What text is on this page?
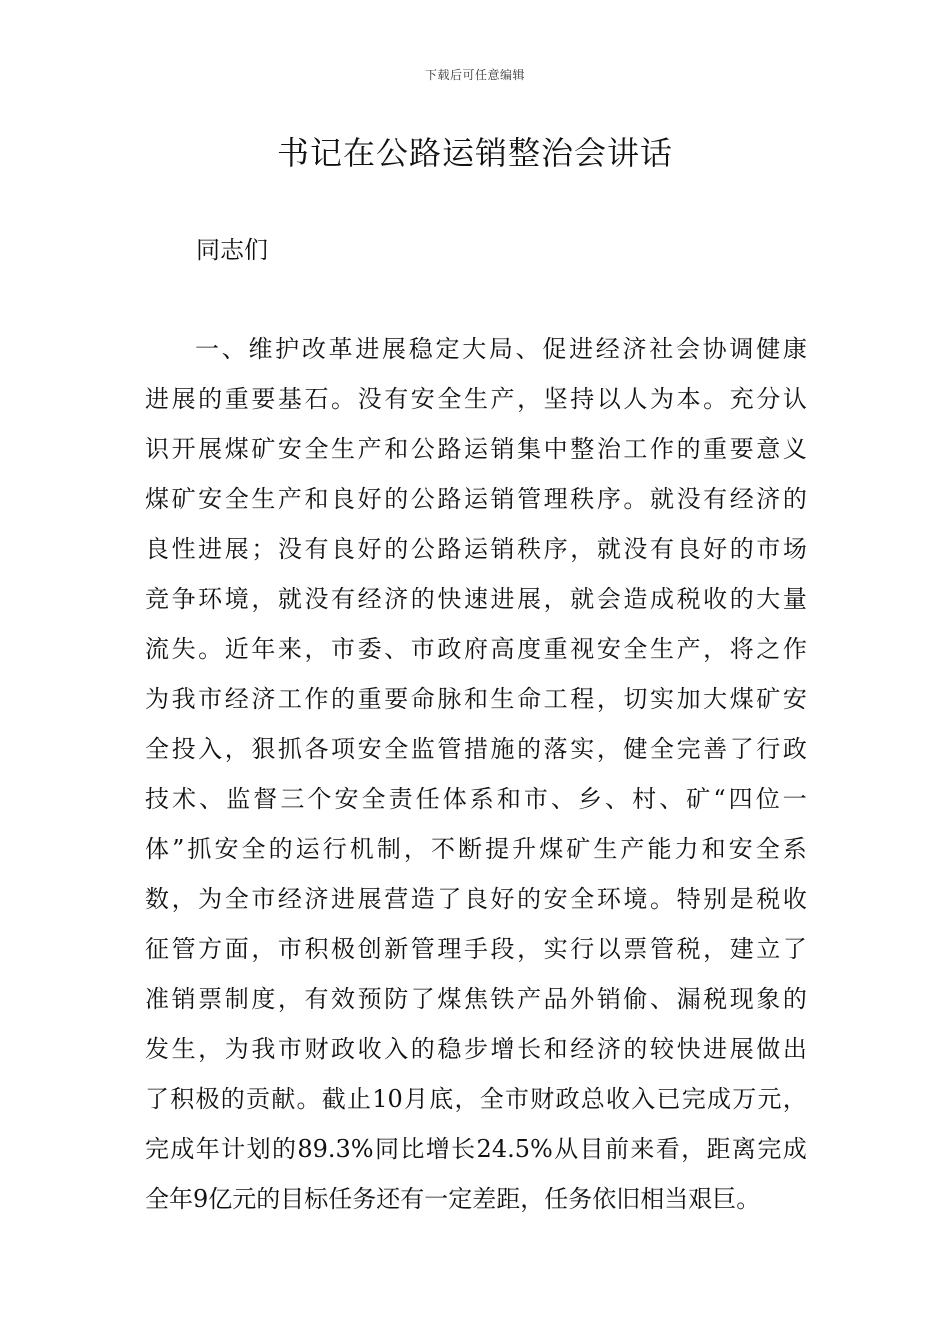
下载后可任意编辑
书记在公路运销整治会讲话
同志们
一 、 维 护 改 革 进 展 稳 定 大 局 、 促 进 经 济 社 会 协 调 健 康
进 展 的 重 要 基 石 。 没 有 安 全 生 产 ， 坚 持 以 人 为 本 。 充 分 认
识 开 展 煤 矿 安 全 生 产 和 公 路 运 销 集 中 整 治 工 作 的 重 要 意 义
煤 矿 安 全 生 产 和 良 好 的 公 路 运 销 管 理 秩 序 。 就 没 有 经 济 的
良 性 进 展 ； 没 有 良 好 的 公 路 运 销 秩 序 ， 就 没 有 良 好 的 市 场
竞 争 环 境 ， 就 没 有 经 济 的 快 速 进 展 ， 就 会 造 成 税 收 的 大 量
流 失 。 近 年 来 ， 市 委 、 市 政 府 高 度 重 视 安 全 生 产 ， 将 之 作
为 我 市 经 济 工 作 的 重 要 命 脉 和 生 命 工 程 ， 切 实 加 大 煤 矿 安
全 投 入 ， 狠 抓 各 项 安 全 监 管 措 施 的 落 实 ， 健 全 完 善 了 行 政
技 术 、 监 督 三 个 安 全 责 任 体 系 和 市 、 乡 、 村 、 矿 “ 四 位 一
体 ” 抓 安 全 的 运 行 机 制 ， 不 断 提 升 煤 矿 生 产 能 力 和 安 全 系
数 ， 为 全 市 经 济 进 展 营 造 了 良 好 的 安 全 环 境 。 特 别 是 税 收
征 管 方 面 ， 市 积 极 创 新 管 理 手 段 ， 实 行 以 票 管 税 ， 建 立 了
准 销 票 制 度 ， 有 效 预 防 了 煤 焦 铁 产 品 外 销 偷 、 漏 税 现 象 的
发 生 ， 为 我 市 财 政 收 入 的 稳 步 增 长 和 经 济 的 较 快 进 展 做 出
了 积 极 的 贡 献 。 截 止 10 月 底 ， 全 市 财 政 总 收 入 已 完 成 万 元 ，
完 成 年 计 划 的 89.3% 同 比 增 长 24.5% 从 目 前 来 看 ， 距 离 完 成
全年9亿元的目标任务还有一定差距，任务依旧相当艰巨。
